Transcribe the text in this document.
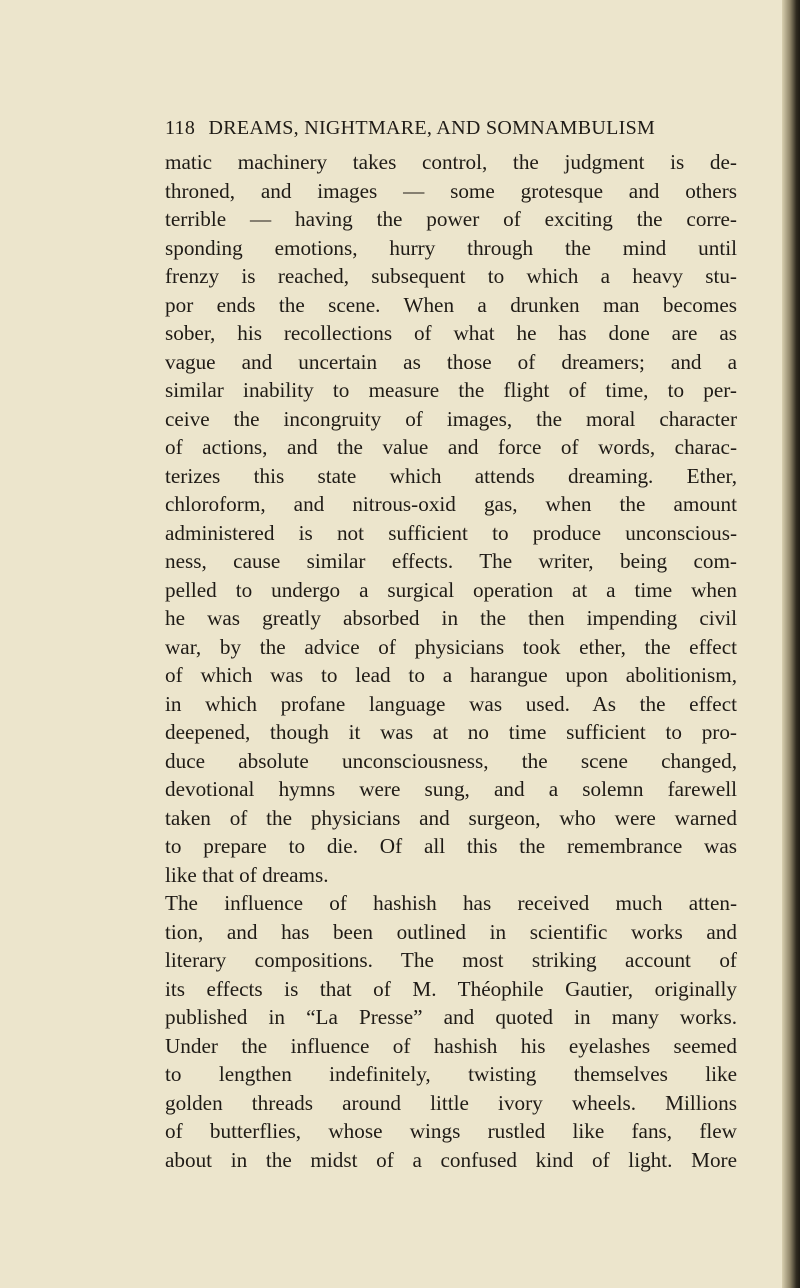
118 DREAMS, NIGHTMARE, AND SOMNAMBULISM
matic machinery takes control, the judgment is de-
throned, and images — some grotesque and others
terrible — having the power of exciting the corre-
sponding emotions, hurry through the mind until
frenzy is reached, subsequent to which a heavy stu-
por ends the scene. When a drunken man becomes
sober, his recollections of what he has done are as
vague and uncertain as those of dreamers; and a
similar inability to measure the flight of time, to per-
ceive the incongruity of images, the moral character
of actions, and the value and force of words, charac-
terizes this state which attends dreaming. Ether,
chloroform, and nitrous-oxid gas, when the amount
administered is not sufficient to produce unconscious-
ness, cause similar effects. The writer, being com-
pelled to undergo a surgical operation at a time when
he was greatly absorbed in the then impending civil
war, by the advice of physicians took ether, the effect
of which was to lead to a harangue upon abolitionism,
in which profane language was used. As the effect
deepened, though it was at no time sufficient to pro-
duce absolute unconsciousness, the scene changed,
devotional hymns were sung, and a solemn farewell
taken of the physicians and surgeon, who were warned
to prepare to die. Of all this the remembrance was
like that of dreams.
The influence of hashish has received much atten-
tion, and has been outlined in scientific works and
literary compositions. The most striking account of
its effects is that of M. Théophile Gautier, originally
published in “La Presse” and quoted in many works.
Under the influence of hashish his eyelashes seemed
to lengthen indefinitely, twisting themselves like
golden threads around little ivory wheels. Millions
of butterflies, whose wings rustled like fans, flew
about in the midst of a confused kind of light. More
